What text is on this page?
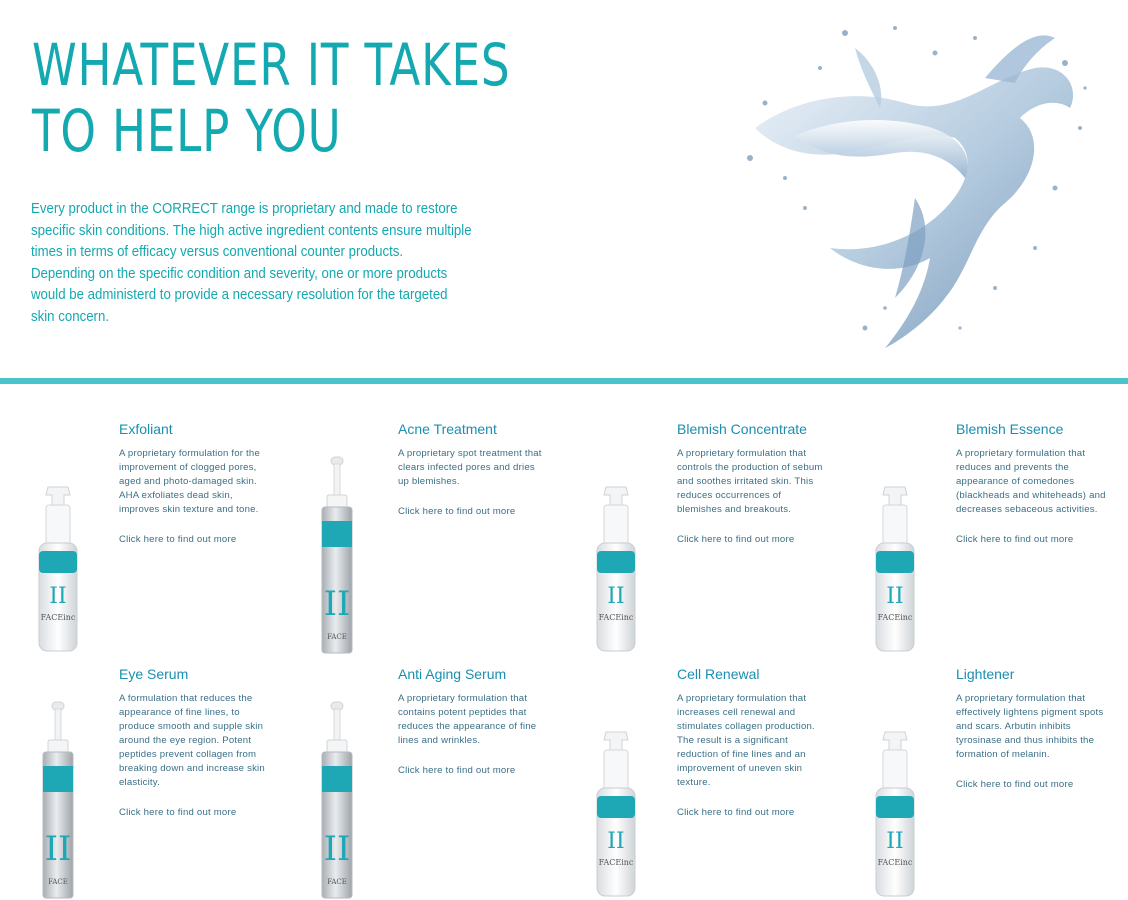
WHATEVER IT TAKES
TO HELP YOU

Every product in the CORRECT range is proprietary and made to restore specific skin conditions. The high active ingredient contents ensure multiple times in terms of efficacy versus conventional counter products.

Depending on the specific condition and severity, one or more products would be administerd to provide a necessary resolution for the targeted skin concern.

II
FACEinc
Exfoliant

A proprietary formulation for the improvement of clogged pores, aged and photo-damaged skin. AHA exfoliates dead skin, improves skin texture and tone.

Click here to find out more
FACE
II
Acne Treatment

A proprietary spot treatment that clears infected pores and dries up blemishes.

Click here to find out more
II
FACEinc
Blemish Concentrate

A proprietary formulation that controls the production of sebum and soothes irritated skin. This reduces occurrences of blemishes and breakouts.

Click here to find out more
II
FACEinc
Blemish Essence

A proprietary formulation that reduces and prevents the appearance of comedones (blackheads and whiteheads) and decreases sebaceous activities.

Click here to find out more
FACE
II
Eye Serum

A formulation that reduces the appearance of fine lines, to produce smooth and supple skin around the eye region. Potent peptides prevent collagen from breaking down and increase skin elasticity.

Click here to find out more
FACE
II
Anti Aging Serum

A proprietary formulation that contains potent peptides that reduces the appearance of fine lines and wrinkles.

Click here to find out more
II
FACEinc
Cell Renewal

A proprietary formulation that increases cell renewal and stimulates collagen production. The result is a significant reduction of fine lines and an improvement of uneven skin texture.

Click here to find out more
II
FACEinc
Lightener

A proprietary formulation that effectively lightens pigment spots and scars. Arbutin inhibits tyrosinase and thus inhibits the formation of melanin.

Click here to find out more
